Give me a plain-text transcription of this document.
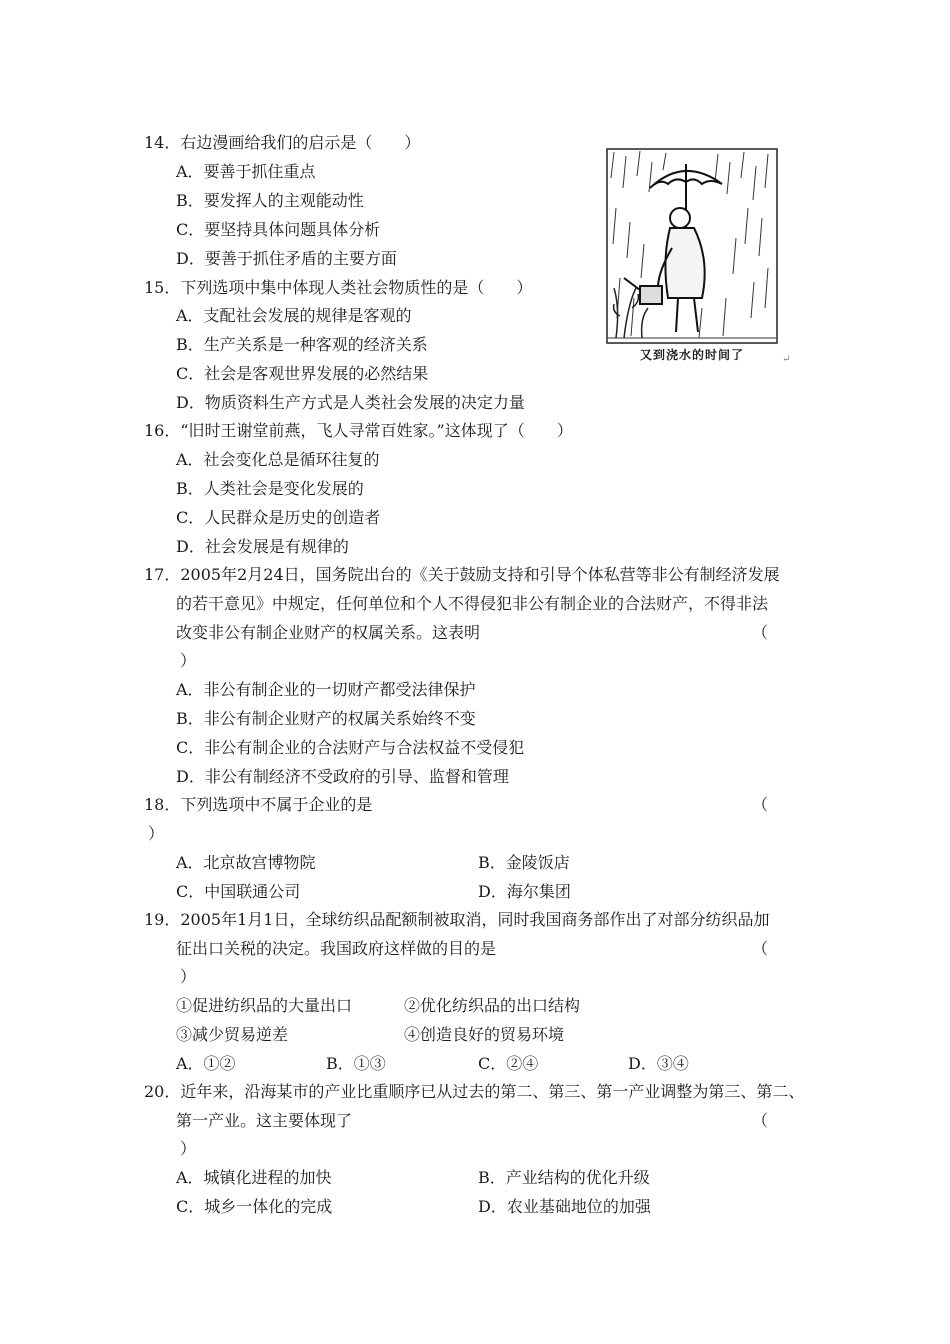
又到浇水的时间了	↵
14．右边漫画给我们的启示是（　　）
A．要善于抓住重点
B．要发挥人的主观能动性
C．要坚持具体问题具体分析
D．要善于抓住矛盾的主要方面
15．下列选项中集中体现人类社会物质性的是（　　）
A．支配社会发展的规律是客观的
B．生产关系是一种客观的经济关系
C．社会是客观世界发展的必然结果
D．物质资料生产方式是人类社会发展的决定力量
16．“旧时王谢堂前燕，飞人寻常百姓家。”这体现了（　　）
A．社会变化总是循环往复的
B．人类社会是变化发展的
C．人民群众是历史的创造者
D．社会发展是有规律的
17．2005年2月24日，国务院出台的《关于鼓励支持和引导个体私营等非公有制经济发展
的若干意见》中规定，任何单位和个人不得侵犯非公有制企业的合法财产，不得非法
改变非公有制企业财产的权属关系。这表明	（
）
A．非公有制企业的一切财产都受法律保护
B．非公有制企业财产的权属关系始终不变
C．非公有制企业的合法财产与合法权益不受侵犯
D．非公有制经济不受政府的引导、监督和管理
18．下列选项中不属于企业的是	（
）
A．北京故宫博物院	B．金陵饭店
C．中国联通公司	D．海尔集团
19．2005年1月1日，全球纺织品配额制被取消，同时我国商务部作出了对部分纺织品加
征出口关税的决定。我国政府这样做的目的是	（
）
①促进纺织品的大量出口	②优化纺织品的出口结构
③减少贸易逆差	④创造良好的贸易环境
A．①②	B．①③	C．②④	D．③④
20．近年来，沿海某市的产业比重顺序已从过去的第二、第三、第一产业调整为第三、第二、
第一产业。这主要体现了	（
）
A．城镇化进程的加快	B．产业结构的优化升级
C．城乡一体化的完成	D．农业基础地位的加强
